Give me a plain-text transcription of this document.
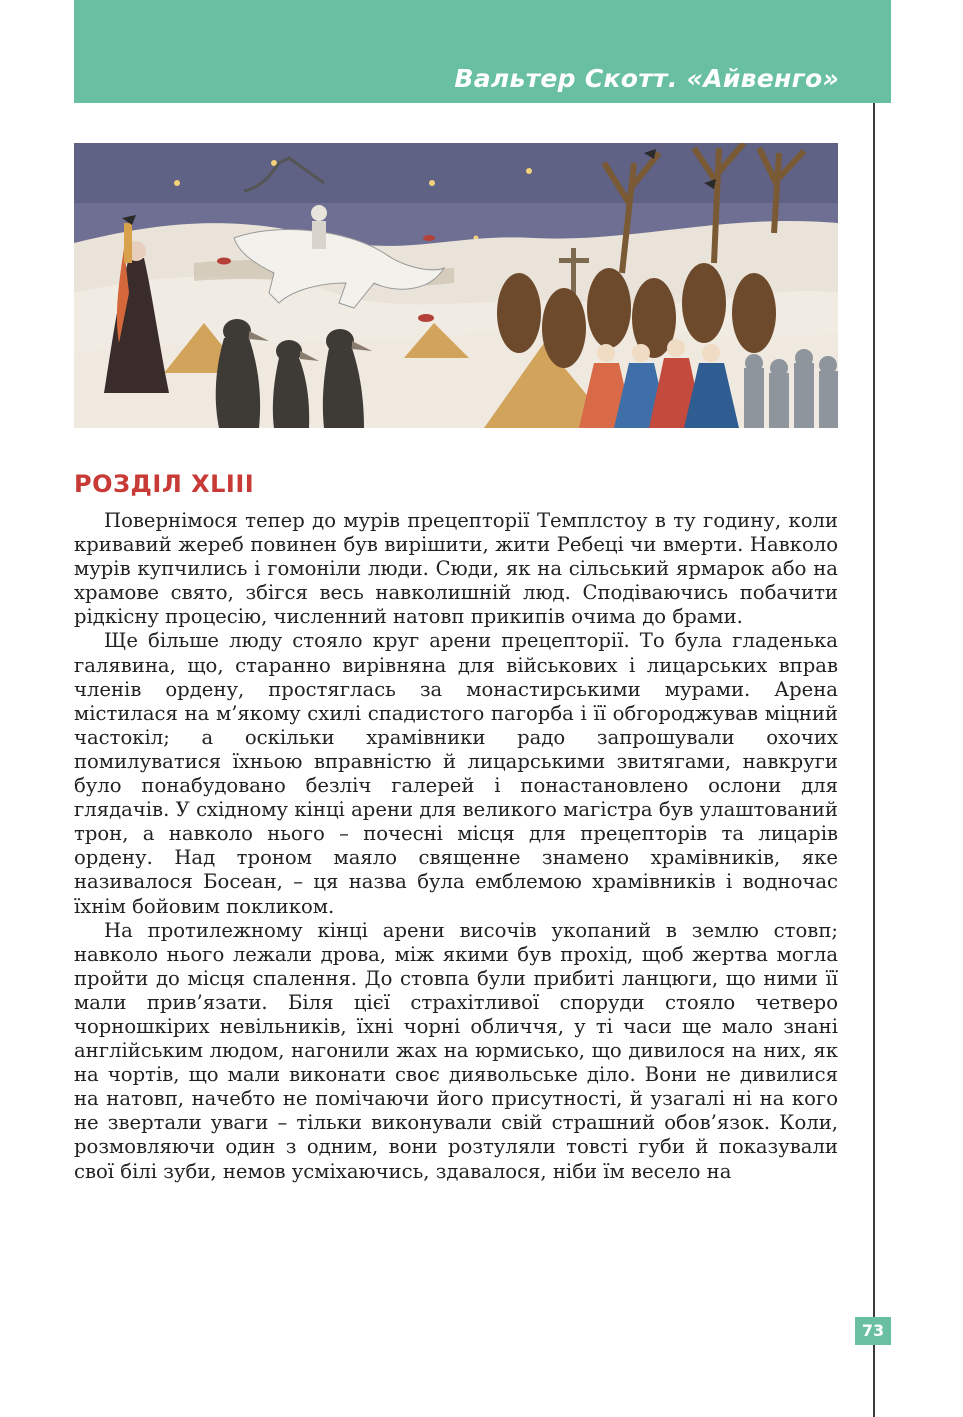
Вальтер Скотт. «Айвенго»
РОЗДІЛ XLIII

Повернімося тепер до мурів прецепторії Темплстоу в ту годину, коли кривавий жереб повинен був вирішити, жити Ребеці чи вмерти. Навколо мурів купчились і гомоніли люди. Сюди, як на сільський ярмарок або на храмове свято, збігся весь навколишній люд. Сподіваючись побачити рідкісну процесію, численний натовп прикипів очима до брами.

Ще більше люду стояло круг арени прецепторії. То була гладенька галявина, що, старанно вирівняна для військових і лицарських вправ членів ордену, простяглась за монастирськими мурами. Арена містилася на м’якому схилі спадистого пагорба і її обгороджував міцний частокіл; а оскільки храмівники радо запрошували охочих помилуватися їхньою вправністю й лицарськими звитягами, навкруги було понабудовано безліч галерей і понастановлено ослони для глядачів. У східному кінці арени для великого магістра був улаштований трон, а навколо нього – почесні місця для прецепторів та лицарів ордену. Над троном маяло священне знамено храмівників, яке називалося Босеан, – ця назва була емблемою храмівників і водночас їхнім бойовим покликом.

На протилежному кінці арени височів укопаний в землю стовп; навколо нього лежали дрова, між якими був прохід, щоб жертва могла пройти до місця спалення. До стовпа були прибиті ланцюги, що ними її мали прив’язати. Біля цієї страхітливої споруди стояло четверо чорношкірих невільників, їхні чорні обличчя, у ті часи ще мало знані англійським людом, нагонили жах на юрмисько, що дивилося на них, як на чортів, що мали виконати своє диявольське діло. Вони не дивилися на натовп, начебто не помічаючи його присутності, й узагалі ні на кого не звертали уваги – тільки виконували свій страшний обов’язок. Коли, розмовляючи один з одним, вони розтуляли товсті губи й показували свої білі зуби, немов усміхаючись, здавалося, ніби їм весело на

73
